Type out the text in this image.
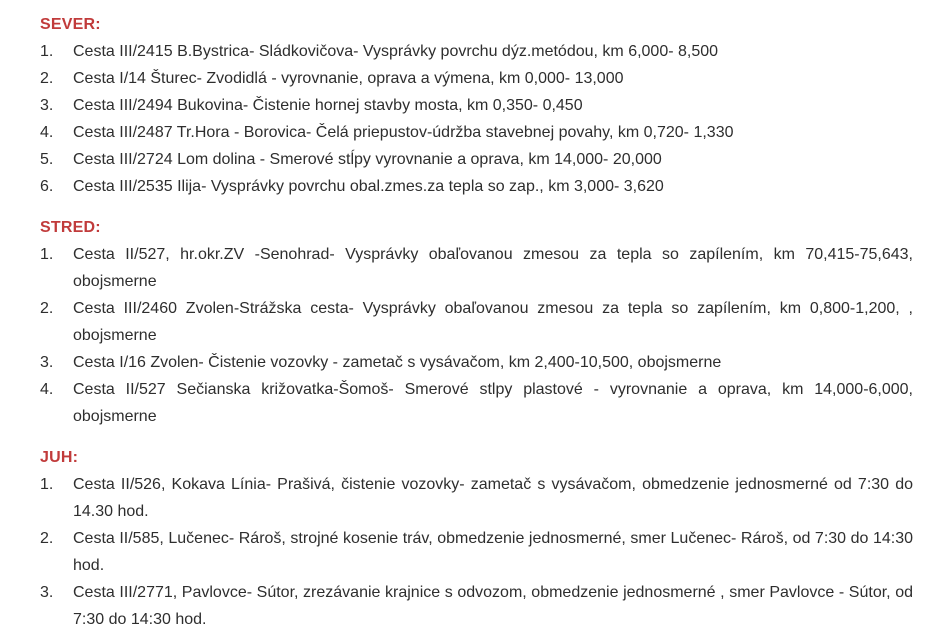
SEVER:
1.	Cesta III/2415 B.Bystrica- Sládkovičova- Vysprávky povrchu dýz.metódou, km 6,000- 8,500
2.	Cesta I/14 Šturec- Zvodidlá - vyrovnanie, oprava a výmena, km 0,000- 13,000
3.	Cesta III/2494 Bukovina- Čistenie hornej stavby mosta, km 0,350- 0,450
4.	Cesta III/2487 Tr.Hora - Borovica- Čelá priepustov-údržba stavebnej povahy, km 0,720- 1,330
5.	Cesta III/2724 Lom dolina - Smerové stĺpy vyrovnanie a oprava, km 14,000- 20,000
6.	Cesta III/2535 Ilija- Vysprávky povrchu obal.zmes.za tepla so zap., km 3,000- 3,620
STRED:
1.	Cesta II/527, hr.okr.ZV -Senohrad- Vysprávky obaľovanou zmesou za tepla so zapílením, km 70,415-75,643, obojsmerne
2.	Cesta III/2460 Zvolen-Strážska cesta- Vysprávky obaľovanou zmesou za tepla so zapílením, km 0,800-1,200, , obojsmerne
3.	Cesta I/16 Zvolen- Čistenie vozovky - zametač s vysávačom, km 2,400-10,500, obojsmerne
4.	Cesta II/527 Sečianska križovatka-Šomoš- Smerové stlpy plastové - vyrovnanie a oprava, km 14,000-6,000, obojsmerne
JUH:
1.	Cesta II/526, Kokava Línia- Prašivá, čistenie vozovky- zametač s vysávačom, obmedzenie jednosmerné od 7:30 do 14.30 hod.
2.	Cesta II/585, Lučenec- Rároš, strojné kosenie tráv, obmedzenie jednosmerné, smer Lučenec- Rároš, od 7:30 do 14:30 hod.
3.	Cesta III/2771, Pavlovce- Sútor, zrezávanie krajnice s odvozom, obmedzenie jednosmerné , smer Pavlovce - Sútor, od 7:30 do 14:30 hod.
